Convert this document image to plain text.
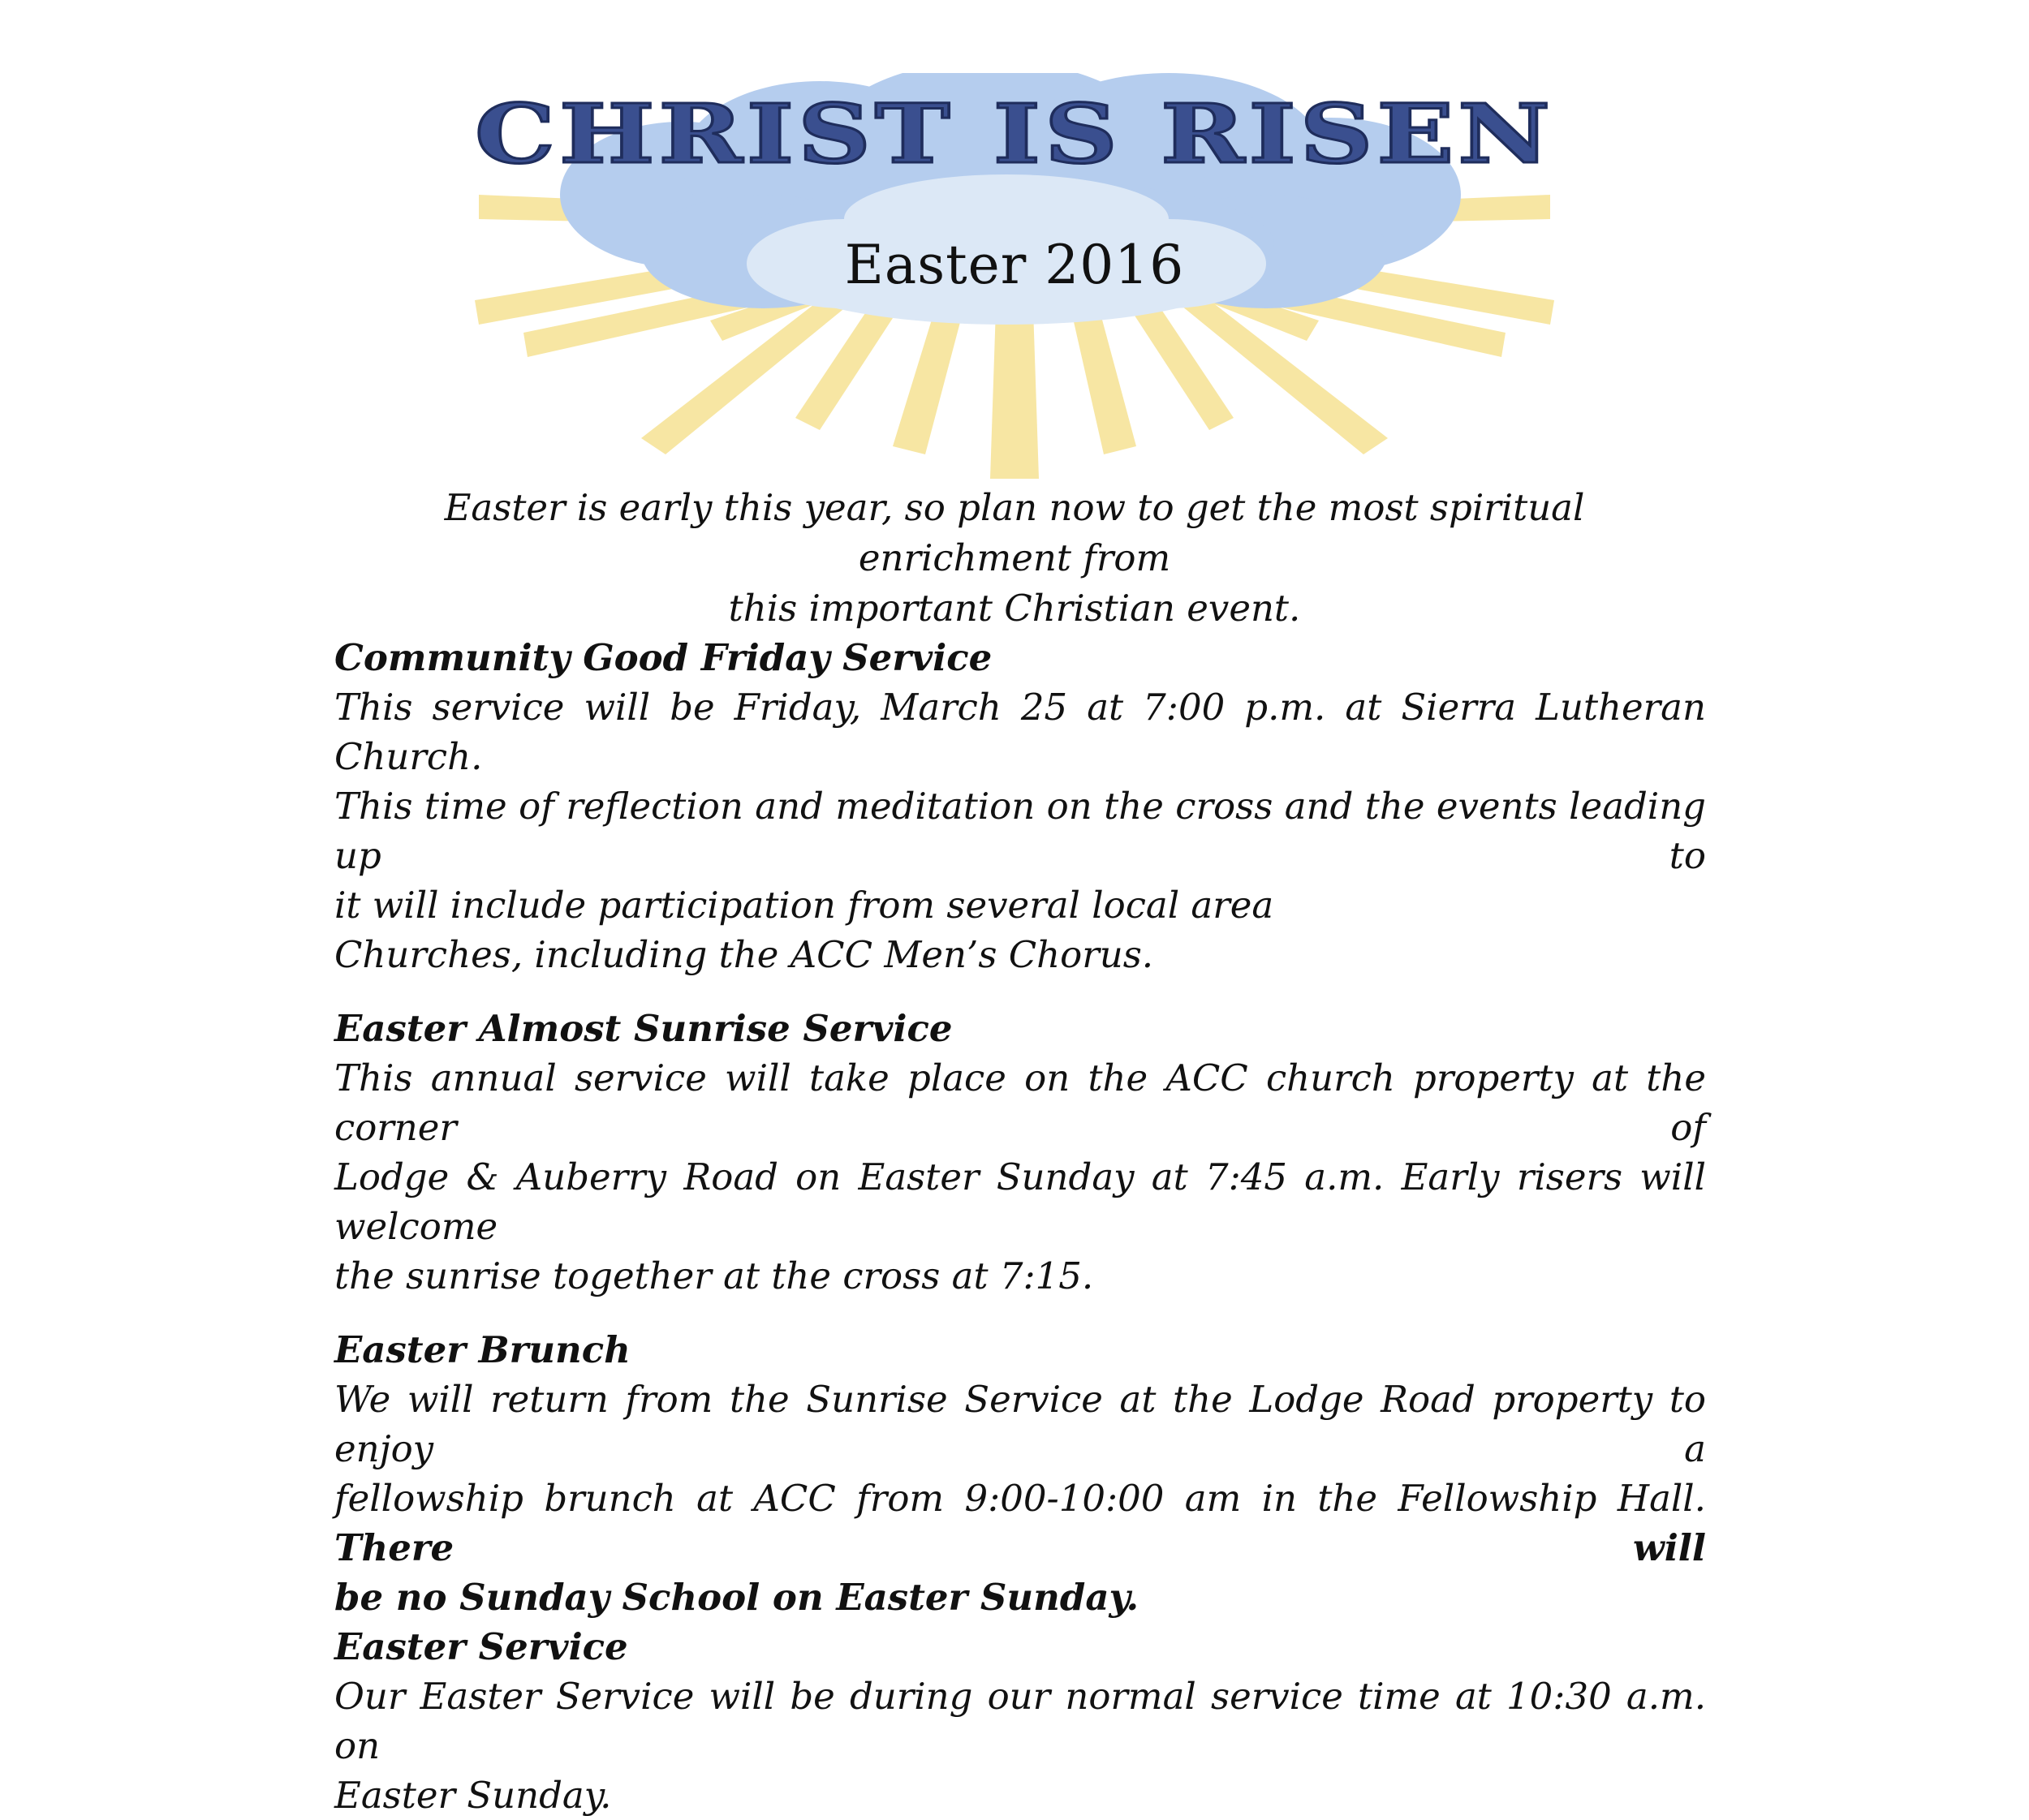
CHRIST IS RISEN
Easter 2016

Easter is early this year, so plan now to get the most spiritual enrichment from
this important Christian event.

Community Good Friday Service

This service will be Friday, March 25 at 7:00 p.m. at Sierra Lutheran Church.
This time of reflection and meditation on the cross and the events leading up to
it will include participation from several local area
Churches, including the ACC Men’s Chorus.

Easter Almost Sunrise Service

This annual service will take place on the ACC church property at the corner of
Lodge & Auberry Road on Easter Sunday at 7:45 a.m. Early risers will welcome
the sunrise together at the cross at 7:15.

Easter Brunch

We will return from the Sunrise Service at the Lodge Road property to enjoy a
fellowship brunch at ACC from 9:00-10:00 am in the Fellowship Hall. There will
be no Sunday School on Easter Sunday.

Easter Service

Our Easter Service will be during our normal service time at 10:30 a.m. on
Easter Sunday.
